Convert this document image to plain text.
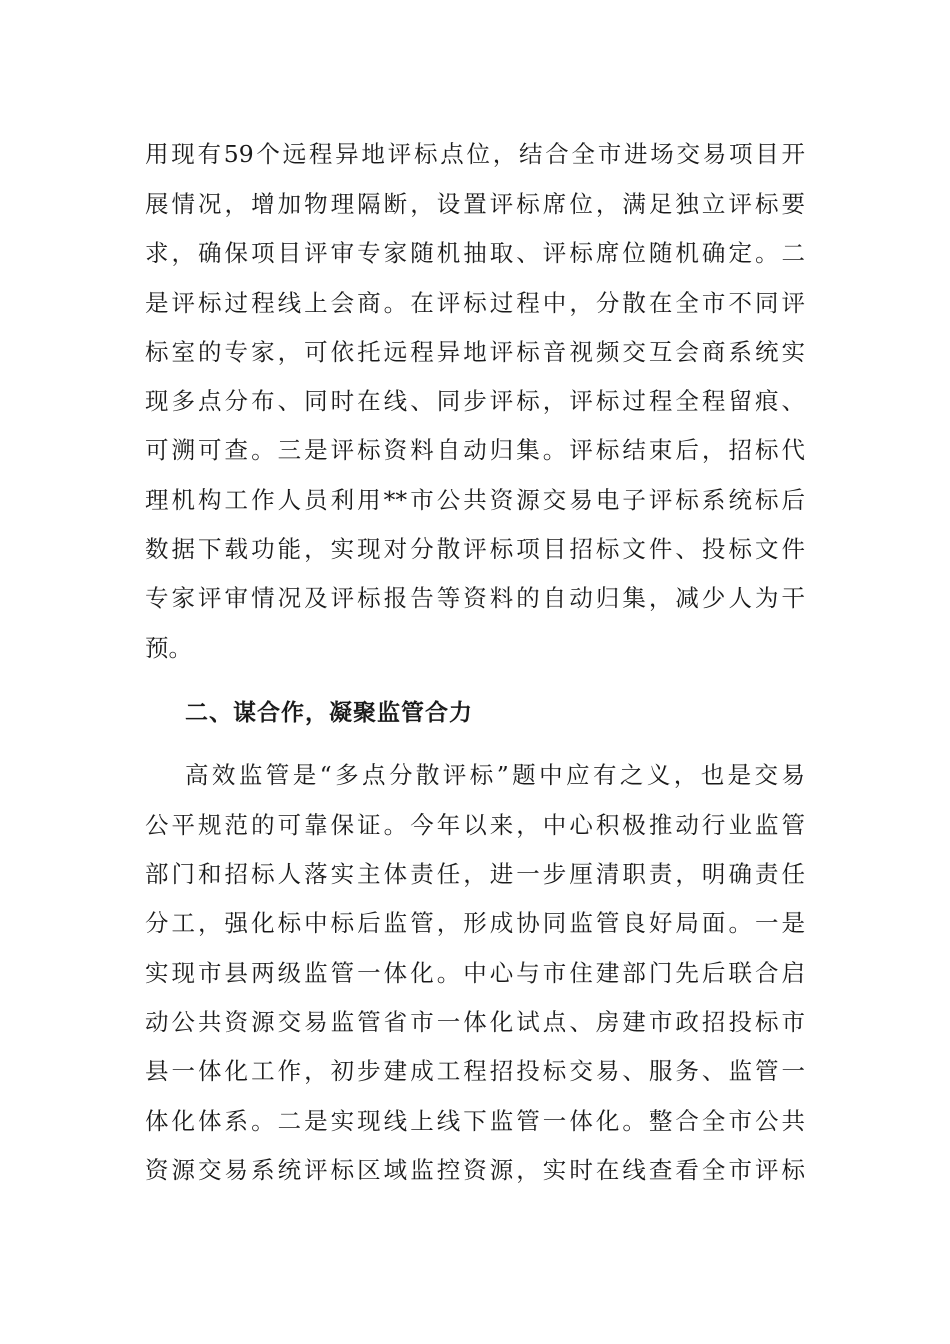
用现有59个远程异地评标点位，结合全市进场交易项目开
展情况，增加物理隔断，设置评标席位，满足独立评标要
求，确保项目评审专家随机抽取、评标席位随机确定。二
是评标过程线上会商。在评标过程中，分散在全市不同评
标室的专家，可依托远程异地评标音视频交互会商系统实
现多点分布、同时在线、同步评标，评标过程全程留痕、
可溯可查。三是评标资料自动归集。评标结束后，招标代
理机构工作人员利用**市公共资源交易电子评标系统标后
数据下载功能，实现对分散评标项目招标文件、投标文件
专家评审情况及评标报告等资料的自动归集，减少人为干
预。
二、谋合作，凝聚监管合力
高效监管是“多点分散评标”题中应有之义，也是交易
公平规范的可靠保证。今年以来，中心积极推动行业监管
部门和招标人落实主体责任，进一步厘清职责，明确责任
分工，强化标中标后监管，形成协同监管良好局面。一是
实现市县两级监管一体化。中心与市住建部门先后联合启
动公共资源交易监管省市一体化试点、房建市政招投标市
县一体化工作，初步建成工程招投标交易、服务、监管一
体化体系。二是实现线上线下监管一体化。整合全市公共
资源交易系统评标区域监控资源，实时在线查看全市评标
